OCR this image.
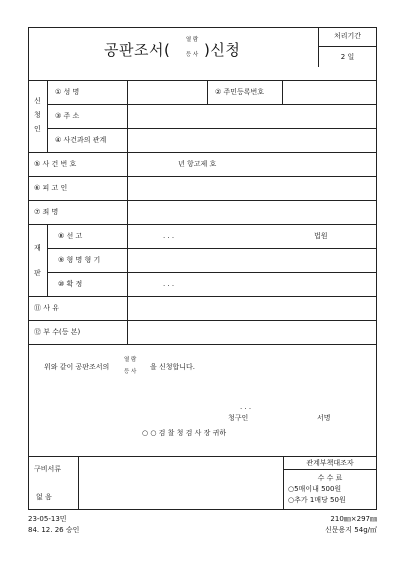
공판조서(
열 람
등 사 )신청
처리기간
2 일
신
청
인
① 성 명	② 주민등록번호
③ 주 소
④ 사건과의 관계
⑤ 사 건 번 호	년 항고제 호
⑥ 피 고 인
⑦ 죄 명
재
판
⑧ 선 고	. . .	법원
⑨ 형 명 형 기
⑩ 확 정	. . .
⑪ 사 유
⑫ 부 수(등 본)
위와 같이 공판조서의
열 람
등 사
을 신청합니다.
. . .
청구인	서명
○ ○ 검 찰 청 검 사 장 귀하
구비서류
없 음
관계부책대조자
수 수 료
○5매이내 500원
○추가 1매당 50원
23-05-13민
84. 12. 26 승인
210㎜×297㎜
신문용지 54g/㎡
